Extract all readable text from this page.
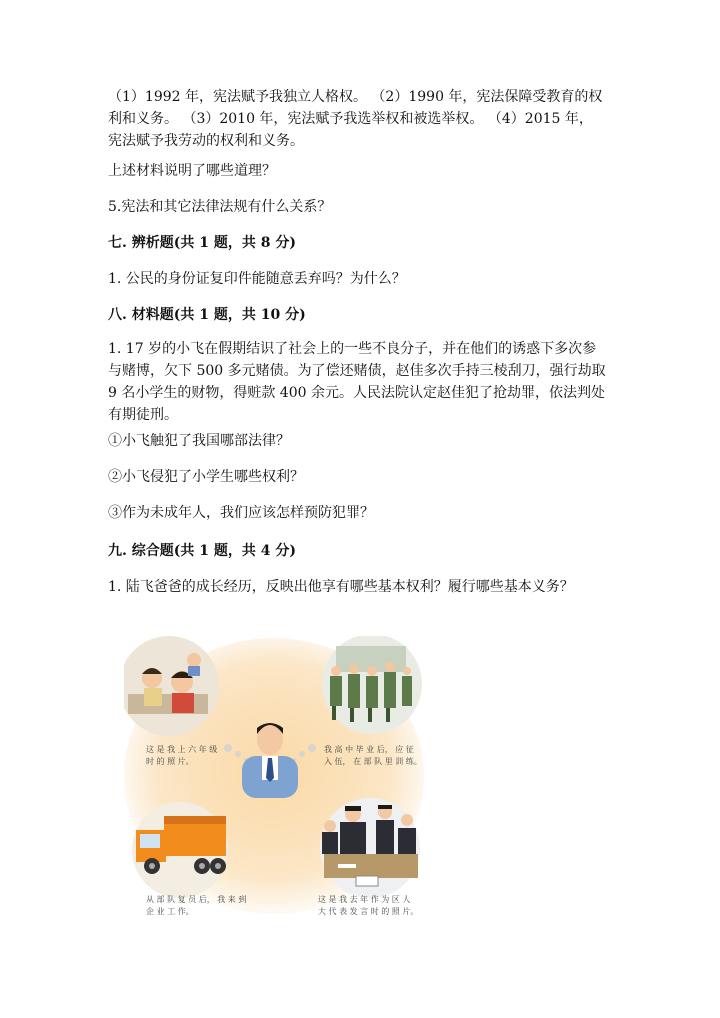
（1）1992 年，宪法赋予我独立人格权。 （2）1990 年，宪法保障受教育的权
利和义务。 （3）2010 年，宪法赋予我选举权和被选举权。 （4）2015 年，
宪法赋予我劳动的权利和义务。

上述材料说明了哪些道理？

5.宪法和其它法律法规有什么关系？

七. 辨析题(共 1 题，共 8 分)

1. 公民的身份证复印件能随意丢弃吗？为什么？

八. 材料题(共 1 题，共 10 分)

1. 17 岁的小飞在假期结识了社会上的一些不良分子，并在他们的诱惑下多次参
与赌博，欠下 500 多元赌债。为了偿还赌债，赵佳多次手持三棱刮刀，强行劫取
9 名小学生的财物，得赃款 400 余元。人民法院认定赵佳犯了抢劫罪，依法判处
有期徒刑。

①小飞触犯了我国哪部法律？

②小飞侵犯了小学生哪些权利？

③作为未成年人，我们应该怎样预防犯罪？

九. 综合题(共 1 题，共 4 分)

1. 陆飞爸爸的成长经历，反映出他享有哪些基本权利？履行哪些基本义务？

这 是 我 上 六 年 级
时 的 照 片。
我 高 中 毕 业 后， 应 征
入 伍， 在 部 队 里 训 练。
从 部 队 复 员 后， 我 来 到
企 业 工 作。
这 是 我 去 年 作 为 区 人
大 代 表 发 言 时 的 照 片。
